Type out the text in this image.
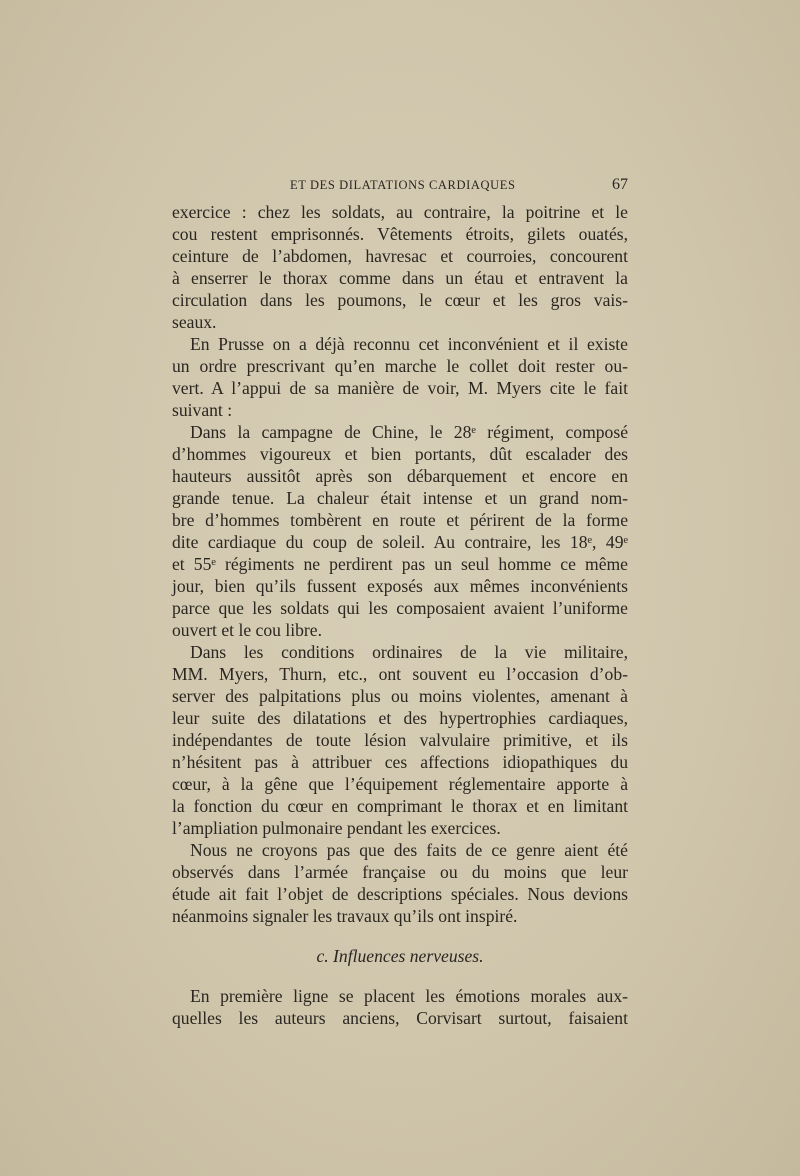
ET DES DILATATIONS CARDIAQUES	67
exercice : chez les soldats, au contraire, la poitrine et le
cou restent emprisonnés. Vêtements étroits, gilets ouatés,
ceinture de l’abdomen, havresac et courroies, concourent
à enserrer le thorax comme dans un étau et entravent la
circulation dans les poumons, le cœur et les gros vais-
seaux.
En Prusse on a déjà reconnu cet inconvénient et il existe
un ordre prescrivant qu’en marche le collet doit rester ou-
vert. A l’appui de sa manière de voir, M. Myers cite le fait
suivant :
Dans la campagne de Chine, le 28ᵉ régiment, composé
d’hommes vigoureux et bien portants, dût escalader des
hauteurs aussitôt après son débarquement et encore en
grande tenue. La chaleur était intense et un grand nom-
bre d’hommes tombèrent en route et périrent de la forme
dite cardiaque du coup de soleil. Au contraire, les 18ᵉ, 49ᵉ
et 55ᵉ régiments ne perdirent pas un seul homme ce même
jour, bien qu’ils fussent exposés aux mêmes inconvénients
parce que les soldats qui les composaient avaient l’uniforme
ouvert et le cou libre.
Dans les conditions ordinaires de la vie militaire,
MM. Myers, Thurn, etc., ont souvent eu l’occasion d’ob-
server des palpitations plus ou moins violentes, amenant à
leur suite des dilatations et des hypertrophies cardiaques,
indépendantes de toute lésion valvulaire primitive, et ils
n’hésitent pas à attribuer ces affections idiopathiques du
cœur, à la gêne que l’équipement réglementaire apporte à
la fonction du cœur en comprimant le thorax et en limitant
l’ampliation pulmonaire pendant les exercices.
Nous ne croyons pas que des faits de ce genre aient été
observés dans l’armée française ou du moins que leur
étude ait fait l’objet de descriptions spéciales. Nous devions
néanmoins signaler les travaux qu’ils ont inspiré.
c. Influences nerveuses.
En première ligne se placent les émotions morales aux-
quelles les auteurs anciens, Corvisart surtout, faisaient
